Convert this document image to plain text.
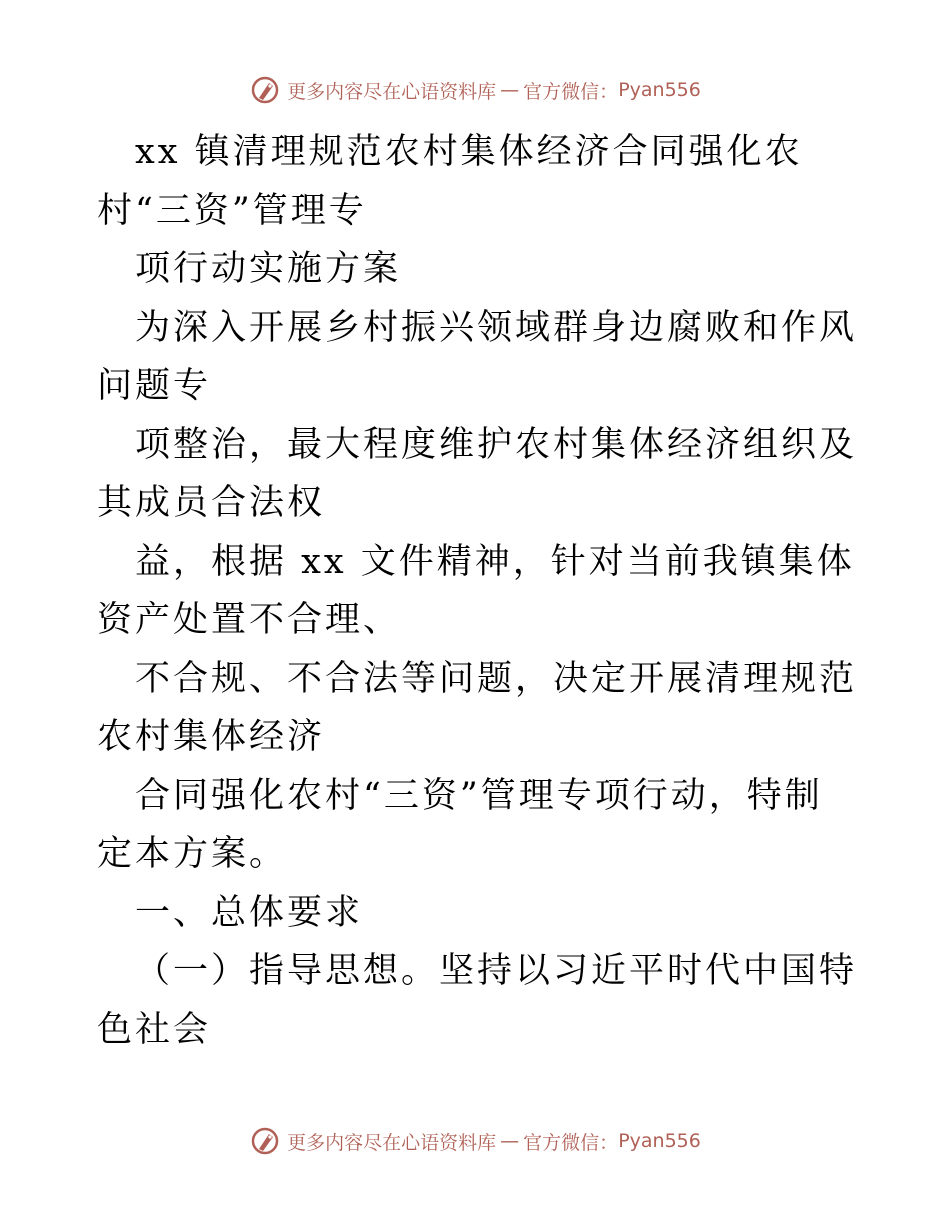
更多内容尽在心语资料库 — 官方微信： Pyan556

xx 镇清理规范农村集体经济合同强化农村“三资”管理专

项行动实施方案

为深入开展乡村振兴领域群身边腐败和作风问题专

项整治，最大程度维护农村集体经济组织及其成员合法权

益，根据 xx 文件精神，针对当前我镇集体资产处置不合理、

不合规、不合法等问题，决定开展清理规范农村集体经济

合同强化农村“三资”管理专项行动，特制定本方案。

一、总体要求

（一）指导思想。坚持以习近平时代中国特色社会

更多内容尽在心语资料库 — 官方微信： Pyan556
